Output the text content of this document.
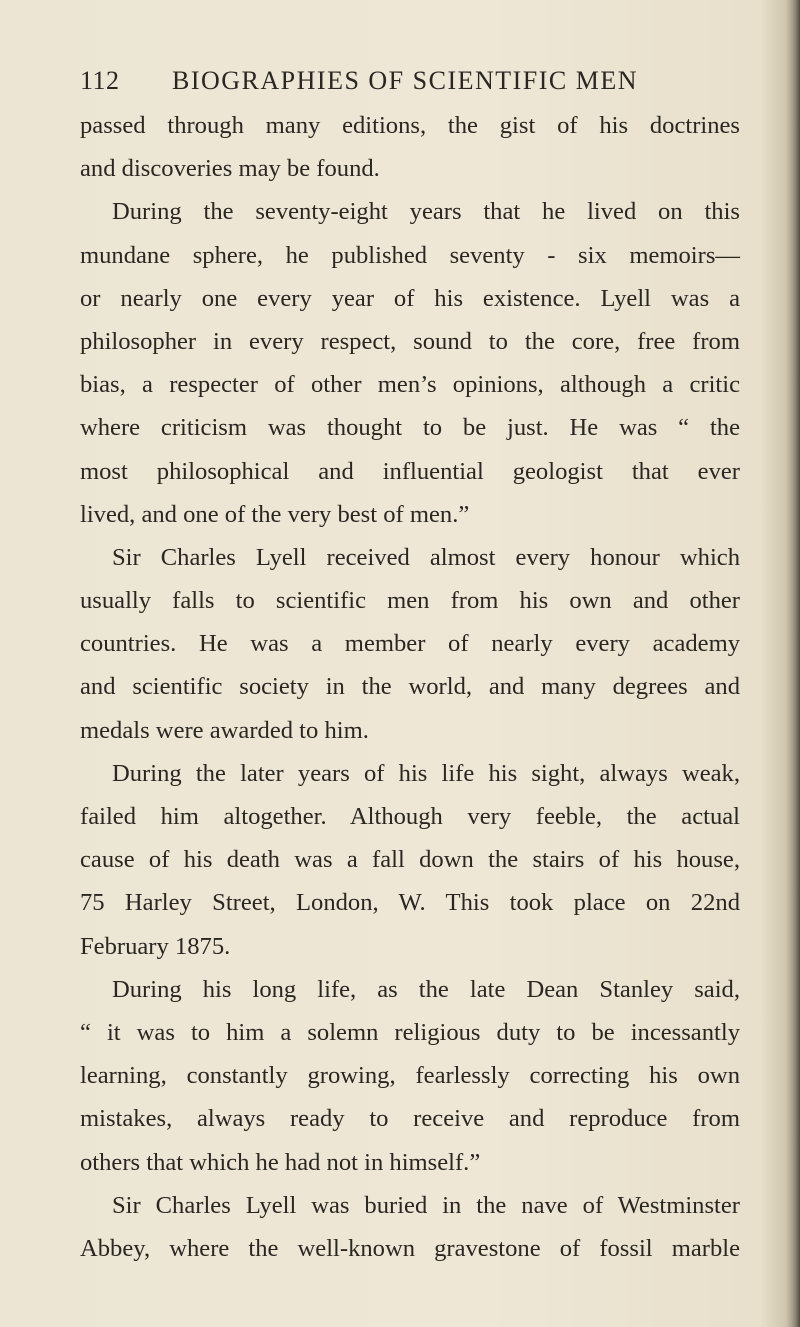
112 BIOGRAPHIES OF SCIENTIFIC MEN
passed through many editions, the gist of his doctrines
and discoveries may be found.
During the seventy-eight years that he lived on this
mundane sphere, he published seventy - six memoirs—
or nearly one every year of his existence. Lyell was a
philosopher in every respect, sound to the core, free from
bias, a respecter of other men’s opinions, although a critic
where criticism was thought to be just. He was “ the
most philosophical and influential geologist that ever
lived, and one of the very best of men.”
Sir Charles Lyell received almost every honour which
usually falls to scientific men from his own and other
countries. He was a member of nearly every academy
and scientific society in the world, and many degrees and
medals were awarded to him.
During the later years of his life his sight, always weak,
failed him altogether. Although very feeble, the actual
cause of his death was a fall down the stairs of his house,
75 Harley Street, London, W. This took place on 22nd
February 1875.
During his long life, as the late Dean Stanley said,
“ it was to him a solemn religious duty to be incessantly
learning, constantly growing, fearlessly correcting his own
mistakes, always ready to receive and reproduce from
others that which he had not in himself.”
Sir Charles Lyell was buried in the nave of Westminster
Abbey, where the well-known gravestone of fossil marble
